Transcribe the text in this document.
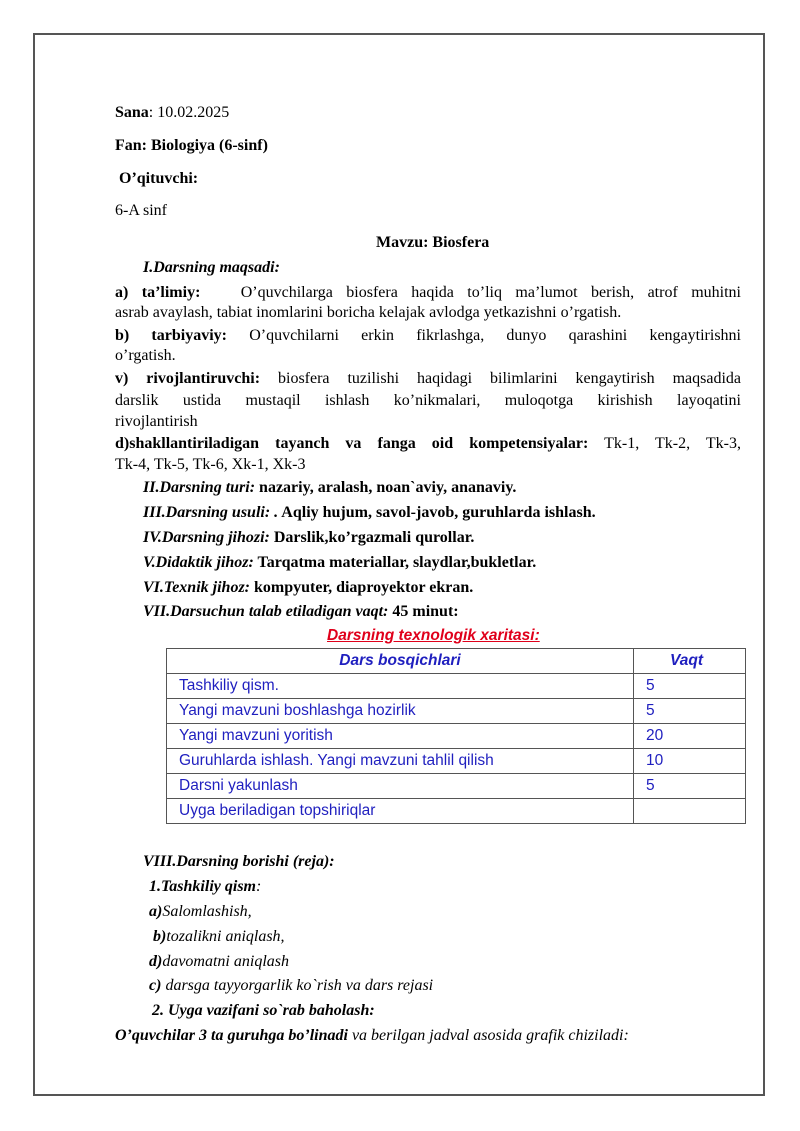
Sana: 10.02.2025
Fan: Biologiya (6-sinf)
O’qituvchi:
6-A sinf
Mavzu: Biosfera
I.Darsning maqsadi:
a) ta’limiy:	O’quvchilarga biosfera haqida to’liq ma’lumot berish, atrof muhitni
asrab avaylash, tabiat inomlarini boricha kelajak avlodga yetkazishni o’rgatish.
b) tarbiyaviy: O’quvchilarni erkin fikrlashga, dunyo qarashini kengaytirishni
o’rgatish.
v) rivojlantiruvchi: biosfera tuzilishi haqidagi bilimlarini kengaytirish maqsadida
darslik ustida mustaqil ishlash ko’nikmalari, muloqotga kirishish layoqatini
rivojlantirish
d)shakllantiriladigan tayanch va fanga oid kompetensiyalar: Tk-1, Tk-2, Tk-3,
Tk-4, Tk-5, Tk-6, Xk-1, Xk-3
II.Darsning turi: nazariy, aralash, noan`aviy, ananaviy.
III.Darsning usuli: . Aqliy hujum, savol-javob, guruhlarda ishlash.
IV.Darsning jihozi: Darslik,ko’rgazmali qurollar.
V.Didaktik jihoz: Tarqatma materiallar, slaydlar,bukletlar.
VI.Texnik jihoz: kompyuter, diaproyektor ekran.
VII.Darsuchun talab etiladigan vaqt: 45 minut:
Darsning texnologik xaritasi:
Dars bosqichlari	Vaqt
Tashkiliy qism.	5
Yangi mavzuni boshlashga hozirlik	5
Yangi mavzuni yoritish	20
Guruhlarda ishlash. Yangi mavzuni tahlil qilish	10
Darsni yakunlash	5
Uyga beriladigan topshiriqlar	
VIII.Darsning borishi (reja):
1.Tashkiliy qism:
a)Salomlashish,
b)tozalikni aniqlash,
d)davomatni aniqlash
c) darsga tayyorgarlik ko`rish va dars rejasi
2. Uyga vazifani so`rab baholash:
O’quvchilar 3 ta guruhga bo’linadi va berilgan jadval asosida grafik chiziladi:
